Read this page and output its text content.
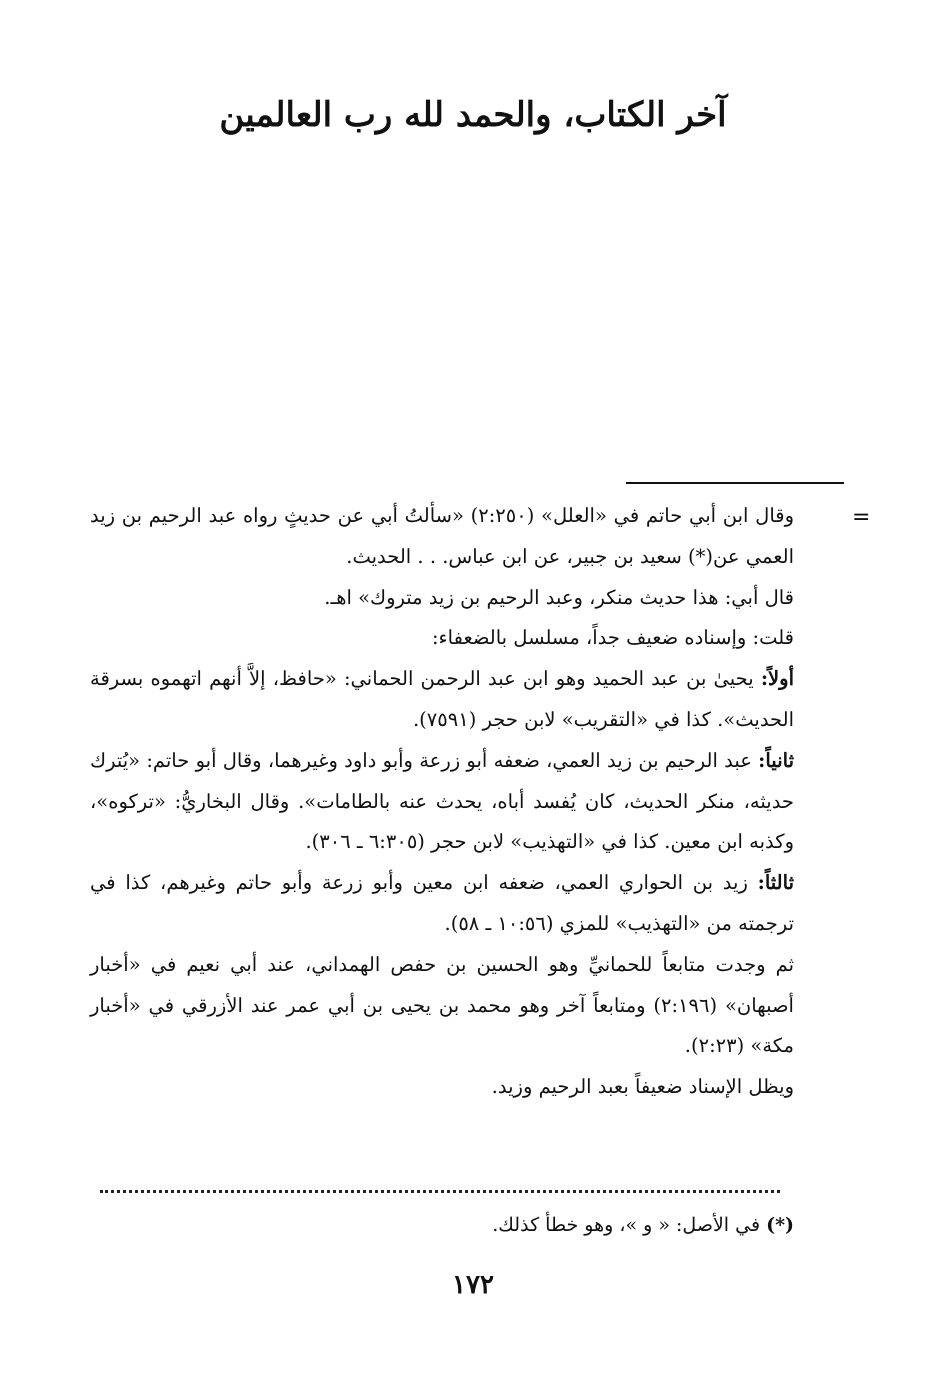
آخر الكتاب، والحمد لله رب العالمين
=

وقال ابن أبي حاتم في «العلل» (٢:٢٥٠) «سألتُ أبي عن حديثٍ رواه عبد الرحيم بن زيد العمي عن(*) سعيد بن جبير، عن ابن عباس. . . الحديث.

قال أبي: هذا حديث منكر، وعبد الرحيم بن زيد متروك» اهـ.

قلت: وإسناده ضعيف جداً، مسلسل بالضعفاء:

أولاً: يحيىٰ بن عبد الحميد وهو ابن عبد الرحمن الحماني: «حافظ، إلاَّ أنهم اتهموه بسرقة الحديث». كذا في «التقريب» لابن حجر (٧٥٩١).

ثانياً: عبد الرحيم بن زيد العمي، ضعفه أبو زرعة وأبو داود وغيرهما، وقال أبو حاتم: «يُترك حديثه، منكر الحديث، كان يُفسد أباه، يحدث عنه بالطامات». وقال البخاريُّ: «تركوه»، وكذبه ابن معين. كذا في «التهذيب» لابن حجر (٦:٣٠٥ ـ ٣٠٦).

ثالثاً: زيد بن الحواري العمي، ضعفه ابن معين وأبو زرعة وأبو حاتم وغيرهم، كذا في ترجمته من «التهذيب» للمزي (١٠:٥٦ ـ ٥٨).

ثم وجدت متابعاً للحمانيِّ وهو الحسين بن حفص الهمداني، عند أبي نعيم في «أخبار أصبهان» (٢:١٩٦) ومتابعاً آخر وهو محمد بن يحيى بن أبي عمر عند الأزرقي في «أخبار مكة» (٢:٢٣).

ويظل الإسناد ضعيفاً بعبد الرحيم وزيد.

(*) في الأصل: « و »، وهو خطأ كذلك.
١٧٢
